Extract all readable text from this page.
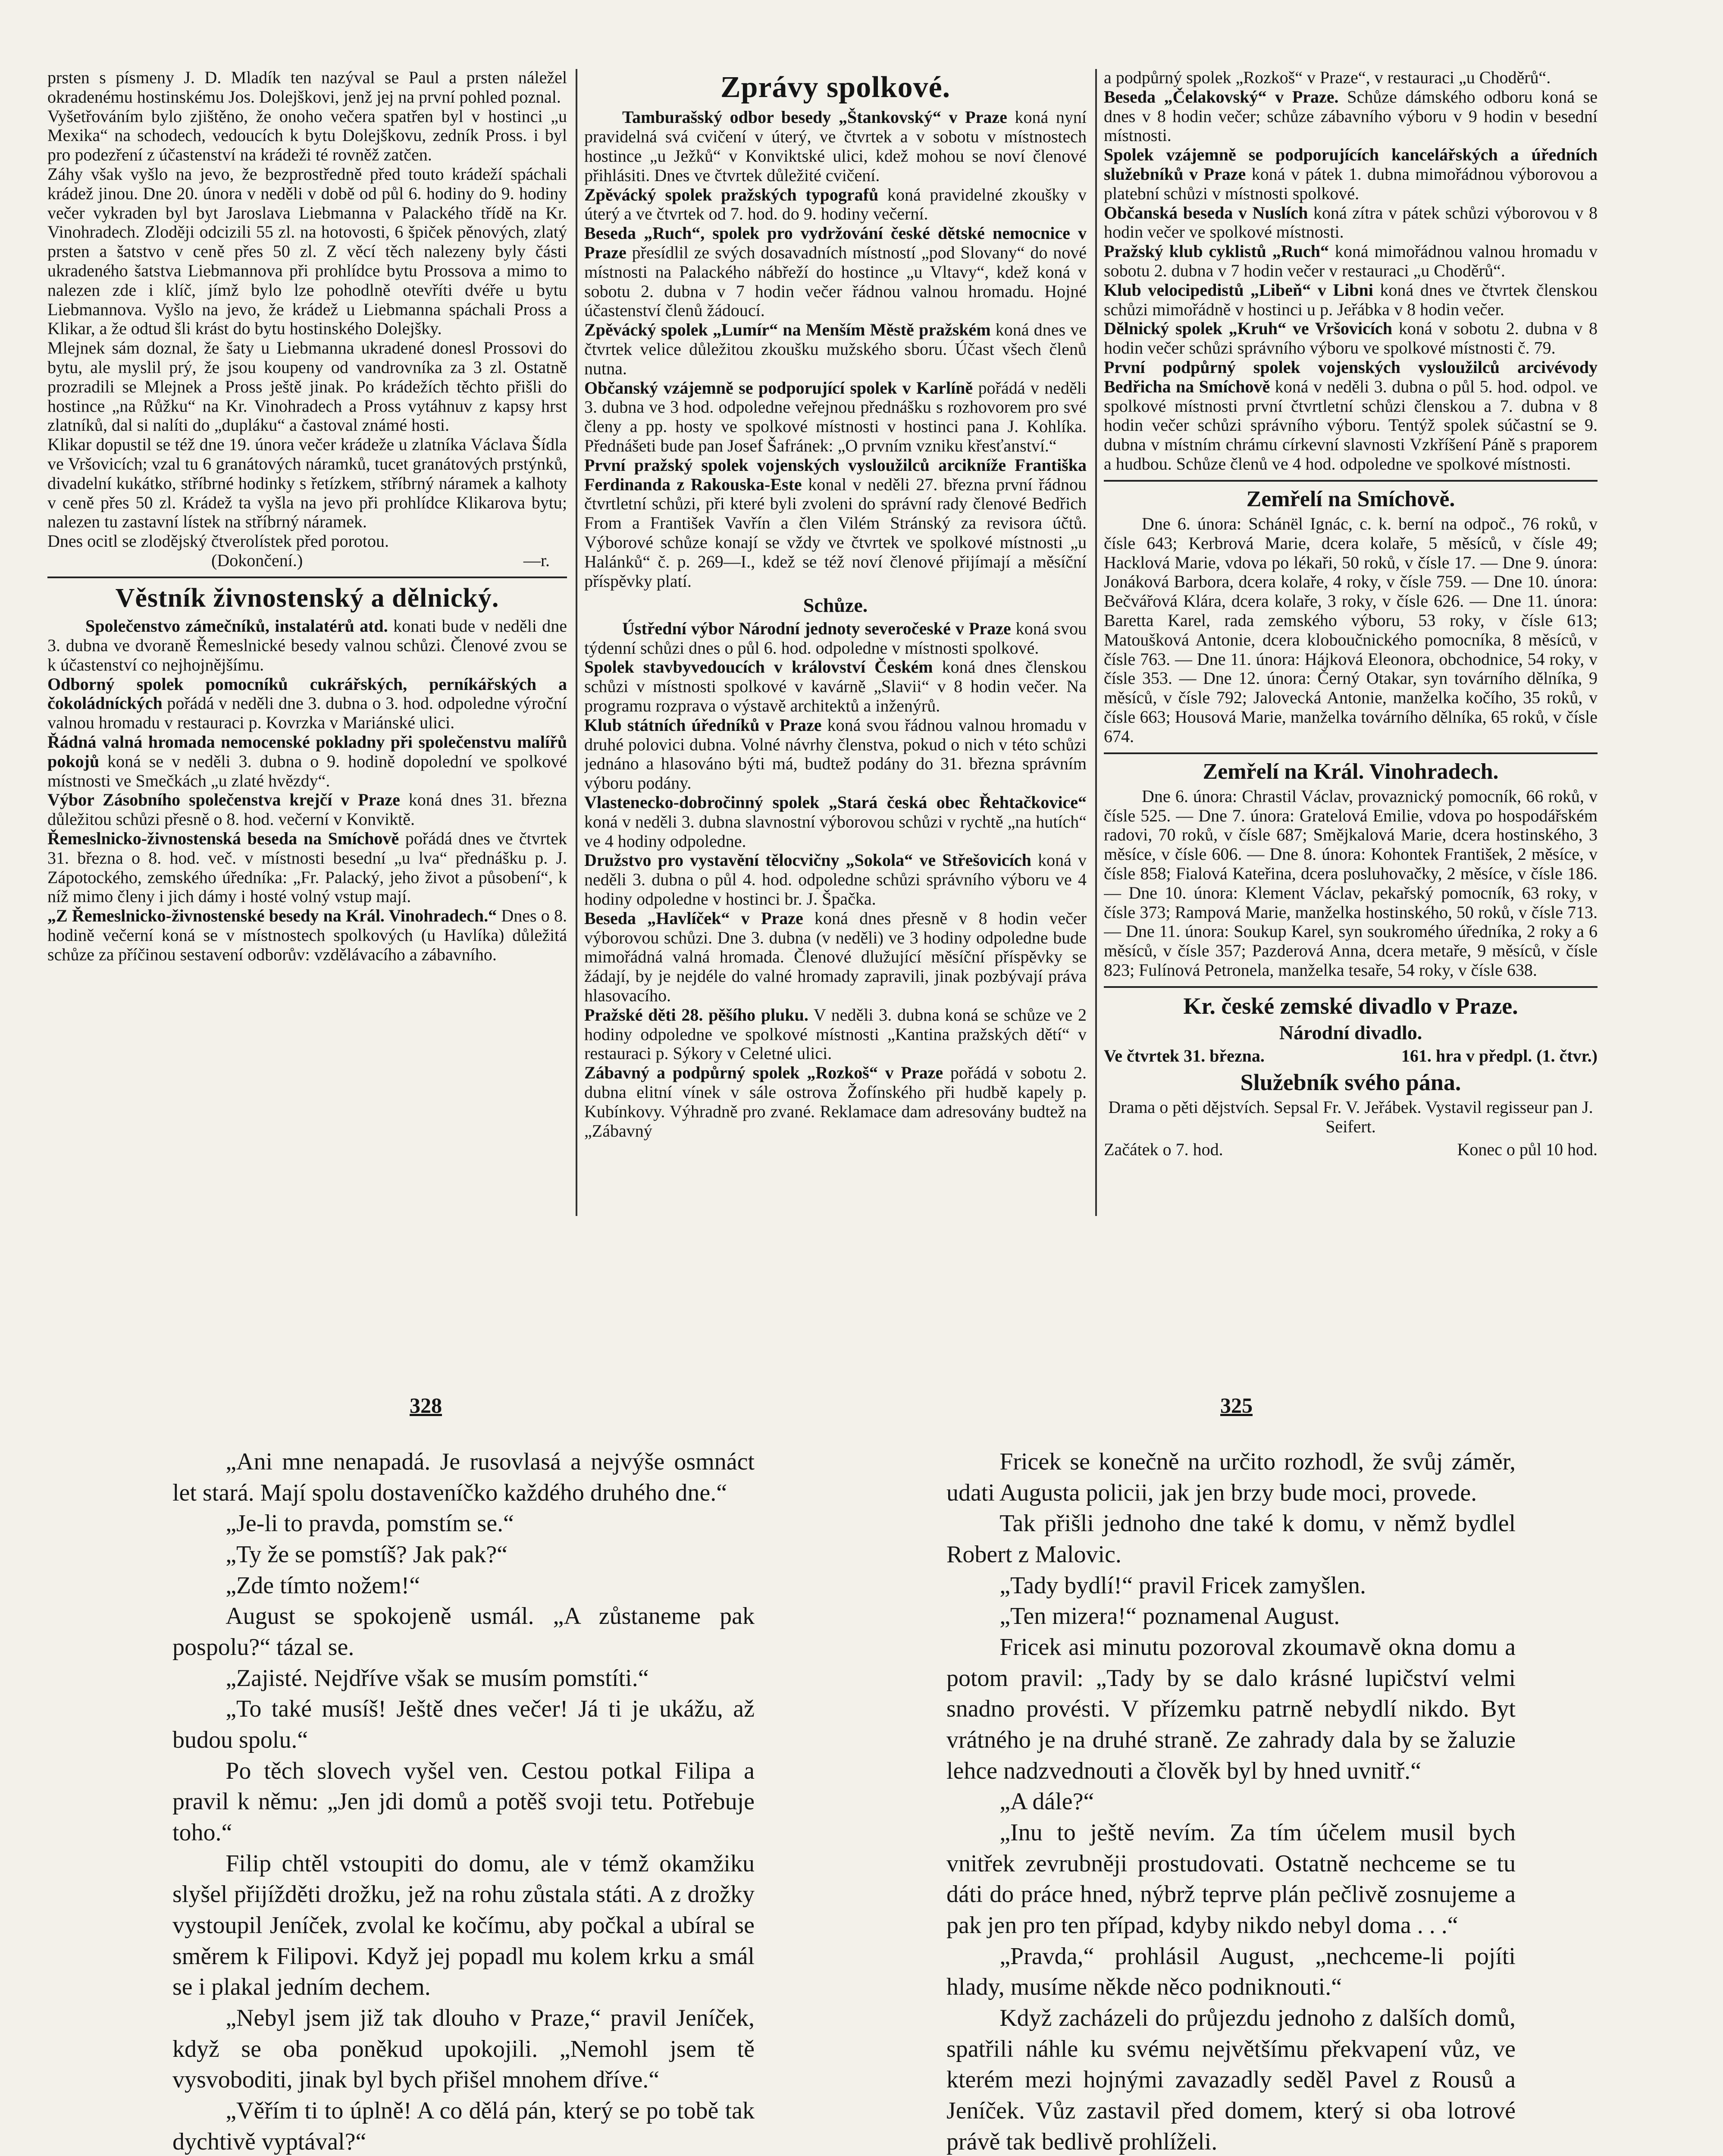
prsten s písmeny J. D. Mladík ten nazýval se Paul a prsten náležel okradenému hostinskému Jos. Dolejškovi, jenž jej na první pohled poznal.

Vyšetřováním bylo zjištěno, že onoho večera spatřen byl v hostinci „u Mexika“ na schodech, vedoucích k bytu Dolejškovu, zedník Pross. i byl pro podezření z účastenství na krádeži té rovněž zatčen.

Záhy však vyšlo na jevo, že bezprostředně před touto krádeží spáchali krádež jinou. Dne 20. února v neděli v době od půl 6. hodiny do 9. hodiny večer vykraden byl byt Jaroslava Liebmanna v Palackého třídě na Kr. Vinohradech. Zloději odcizili 55 zl. na hotovosti, 6 špiček pěnových, zlatý prsten a šatstvo v ceně přes 50 zl. Z věcí těch nalezeny byly části ukradeného šatstva Liebmannova při prohlídce bytu Prossova a mimo to nalezen zde i klíč, jímž bylo lze pohodlně otevříti dvéře u bytu Liebmannova. Vyšlo na jevo, že krádež u Liebmanna spáchali Pross a Klikar, a že odtud šli krást do bytu hostinského Dolejšky.

Mlejnek sám doznal, že šaty u Liebmanna ukradené donesl Prossovi do bytu, ale myslil prý, že jsou koupeny od vandrovníka za 3 zl. Ostatně prozradili se Mlejnek a Pross ještě jinak. Po krádežích těchto přišli do hostince „na Růžku“ na Kr. Vinohradech a Pross vytáhnuv z kapsy hrst zlatníků, dal si nalíti do „dupláku“ a častoval známé hosti.

Klikar dopustil se též dne 19. února večer krádeže u zlatníka Václava Šídla ve Vršovicích; vzal tu 6 granátových náramků, tucet granátových prstýnků, divadelní kukátko, stříbrné hodinky s řetízkem, stříbrný náramek a kalhoty v ceně přes 50 zl. Krádež ta vyšla na jevo při prohlídce Klikarova bytu; nalezen tu zastavní lístek na stříbrný náramek.

Dnes ocitl se zlodějský čtverolístek před porotou.

(Dokončení.)	—r.

Věstník živnostenský a dělnický.

Společenstvo zámečníků, instalatérů atd. konati bude v neděli dne 3. dubna ve dvoraně Řemeslnické besedy valnou schůzi. Členové zvou se k účastenství co nejhojnějšímu.

Odborný spolek pomocníků cukrářských, perníkářských a čokoládníckých pořádá v neděli dne 3. dubna o 3. hod. odpoledne výroční valnou hromadu v restauraci p. Kovrzka v Mariánské ulici.

Řádná valná hromada nemocenské pokladny při společenstvu malířů pokojů koná se v neděli 3. dubna o 9. hodině dopolední ve spolkové místnosti ve Smečkách „u zlaté hvězdy“.

Výbor Zásobního společenstva krejčí v Praze koná dnes 31. března důležitou schůzi přesně o 8. hod. večerní v Konviktě.

Řemeslnicko-živnostenská beseda na Smíchově pořádá dnes ve čtvrtek 31. března o 8. hod. več. v místnosti besední „u lva“ přednášku p. J. Zápotockého, zemského úředníka: „Fr. Palacký, jeho život a působení“, k níž mimo členy i jich dámy i hosté volný vstup mají.

„Z Řemeslnicko-živnostenské besedy na Král. Vinohradech.“ Dnes o 8. hodině večerní koná se v místnostech spolkových (u Havlíka) důležitá schůze za příčinou sestavení odborův: vzdělávacího a zábavního.

Zprávy spolkové.

Tamburašský odbor besedy „Štankovský“ v Praze koná nyní pravidelná svá cvičení v úterý, ve čtvrtek a v sobotu v místnostech hostince „u Ježků“ v Konviktské ulici, kdež mohou se noví členové přihlásiti. Dnes ve čtvrtek důležité cvičení.

Zpěvácký spolek pražských typografů koná pravidelné zkoušky v úterý a ve čtvrtek od 7. hod. do 9. hodiny večerní.

Beseda „Ruch“, spolek pro vydržování české dětské nemocnice v Praze přesídlil ze svých dosavadních místností „pod Slovany“ do nové místnosti na Palackého nábřeží do hostince „u Vltavy“, kdež koná v sobotu 2. dubna v 7 hodin večer řádnou valnou hromadu. Hojné účastenství členů žádoucí.

Zpěvácký spolek „Lumír“ na Menším Městě pražském koná dnes ve čtvrtek velice důležitou zkoušku mužského sboru. Účast všech členů nutna.

Občanský vzájemně se podporující spolek v Karlíně pořádá v neděli 3. dubna ve 3 hod. odpoledne veřejnou přednášku s rozhovorem pro své členy a pp. hosty ve spolkové místnosti v hostinci pana J. Kohlíka. Přednášeti bude pan Josef Šafránek: „O prvním vzniku křesťanství.“

První pražský spolek vojenských vysloužilců arcikníže Františka Ferdinanda z Rakouska-Este konal v neděli 27. března první řádnou čtvrtletní schůzi, při které byli zvoleni do správní rady členové Bedřich From a František Vavřín a člen Vilém Stránský za revisora účtů. Výborové schůze konají se vždy ve čtvrtek ve spolkové místnosti „u Halánků“ č. p. 269—I., kdež se též noví členové přijímají a měsíční příspěvky platí.

Schůze.

Ústřední výbor Národní jednoty severočeské v Praze koná svou týdenní schůzi dnes o půl 6. hod. odpoledne v místnosti spolkové.

Spolek stavbyvedoucích v království Českém koná dnes členskou schůzi v místnosti spolkové v kavárně „Slavii“ v 8 hodin večer. Na programu rozprava o výstavě architektů a inženýrů.

Klub státních úředníků v Praze koná svou řádnou valnou hromadu v druhé polovici dubna. Volné návrhy členstva, pokud o nich v této schůzi jednáno a hlasováno býti má, budtež podány do 31. března správním výboru podány.

Vlastenecko-dobročinný spolek „Stará česká obec Řehtačkovice“ koná v neděli 3. dubna slavnostní výborovou schůzi v rychtě „na hutích“ ve 4 hodiny odpoledne.

Družstvo pro vystavění tělocvičny „Sokola“ ve Střešovicích koná v neděli 3. dubna o půl 4. hod. odpoledne schůzi správního výboru ve 4 hodiny odpoledne v hostinci br. J. Špačka.

Beseda „Havlíček“ v Praze koná dnes přesně v 8 hodin večer výborovou schůzi. Dne 3. dubna (v neděli) ve 3 hodiny odpoledne bude mimořádná valná hromada. Členové dlužující měsíční příspěvky se žádají, by je nejdéle do valné hromady zapravili, jinak pozbývají práva hlasovacího.

Pražské děti 28. pěšího pluku. V neděli 3. dubna koná se schůze ve 2 hodiny odpoledne ve spolkové místnosti „Kantina pražských dětí“ v restauraci p. Sýkory v Celetné ulici.

Zábavný a podpůrný spolek „Rozkoš“ v Praze pořádá v sobotu 2. dubna elitní vínek v sále ostrova Žofínského při hudbě kapely p. Kubínkovy. Výhradně pro zvané. Reklamace dam adresovány budtež na „Zábavný

a podpůrný spolek „Rozkoš“ v Praze“, v restauraci „u Choděrů“.

Beseda „Čelakovský“ v Praze. Schůze dámského odboru koná se dnes v 8 hodin večer; schůze zábavního výboru v 9 hodin v besední místnosti.

Spolek vzájemně se podporujících kancelářských a úředních služebníků v Praze koná v pátek 1. dubna mimořádnou výborovou a platební schůzi v místnosti spolkové.

Občanská beseda v Nuslích koná zítra v pátek schůzi výborovou v 8 hodin večer ve spolkové místnosti.

Pražský klub cyklistů „Ruch“ koná mimořádnou valnou hromadu v sobotu 2. dubna v 7 hodin večer v restauraci „u Choděrů“.

Klub velocipedistů „Libeň“ v Libni koná dnes ve čtvrtek členskou schůzi mimořádně v hostinci u p. Jeřábka v 8 hodin večer.

Dělnický spolek „Kruh“ ve Vršovicích koná v sobotu 2. dubna v 8 hodin večer schůzi správního výboru ve spolkové místnosti č. 79.

První podpůrný spolek vojenských vysloužilců arcivévody Bedřicha na Smíchově koná v neděli 3. dubna o půl 5. hod. odpol. ve spolkové místnosti první čtvrtletní schůzi členskou a 7. dubna v 8 hodin večer schůzi správního výboru. Tentýž spolek súčastní se 9. dubna v místním chrámu církevní slavnosti Vzkříšení Páně s praporem a hudbou. Schůze členů ve 4 hod. odpoledne ve spolkové místnosti.

Zemřelí na Smíchově.

Dne 6. února: Schánël Ignác, c. k. berní na odpoč., 76 roků, v čísle 643; Kerbrová Marie, dcera kolaře, 5 měsíců, v čísle 49; Hacklová Marie, vdova po lékaři, 50 roků, v čísle 17. — Dne 9. února: Jonáková Barbora, dcera kolaře, 4 roky, v čísle 759. — Dne 10. února: Bečvářová Klára, dcera kolaře, 3 roky, v čísle 626. — Dne 11. února: Baretta Karel, rada zemského výboru, 53 roky, v čísle 613; Matoušková Antonie, dcera kloboučnického pomocníka, 8 měsíců, v čísle 763. — Dne 11. února: Hájková Eleonora, obchodnice, 54 roky, v čísle 353. — Dne 12. února: Černý Otakar, syn továrního dělníka, 9 měsíců, v čísle 792; Jalovecká Antonie, manželka kočího, 35 roků, v čísle 663; Housová Marie, manželka továrního dělníka, 65 roků, v čísle 674.

Zemřelí na Král. Vinohradech.

Dne 6. února: Chrastil Václav, provaznický pomocník, 66 roků, v čísle 525. — Dne 7. února: Gratelová Emilie, vdova po hospodářském radovi, 70 roků, v čísle 687; Smějkalová Marie, dcera hostinského, 3 měsíce, v čísle 606. — Dne 8. února: Kohontek František, 2 měsíce, v čísle 858; Fialová Kateřina, dcera posluhovačky, 2 měsíce, v čísle 186. — Dne 10. února: Klement Václav, pekařský pomocník, 63 roky, v čísle 373; Rampová Marie, manželka hostinského, 50 roků, v čísle 713. — Dne 11. února: Soukup Karel, syn soukromého úředníka, 2 roky a 6 měsíců, v čísle 357; Pazderová Anna, dcera metaře, 9 měsíců, v čísle 823; Fulínová Petronela, manželka tesaře, 54 roky, v čísle 638.

Kr. české zemské divadlo v Praze.
Národní divadlo.

Ve čtvrtek 31. března.	161. hra v předpl. (1. čtvr.)

Služebník svého pána.

Drama o pěti dějstvích. Sepsal Fr. V. Jeřábek. Vystavil regisseur pan J. Seifert.

Začátek o 7. hod.	Konec o půl 10 hod.

328	325

„Ani mne nenapadá. Je rusovlasá a nejvýše osmnáct let stará. Mají spolu dostaveníčko každého druhého dne.“

„Je-li to pravda, pomstím se.“

„Ty že se pomstíš? Jak pak?“

„Zde tímto nožem!“

August se spokojeně usmál. „A zůstaneme pak pospolu?“ tázal se.

„Zajisté. Nejdříve však se musím pomstíti.“

„To také musíš! Ještě dnes večer! Já ti je ukážu, až budou spolu.“

Po těch slovech vyšel ven. Cestou potkal Filipa a pravil k němu: „Jen jdi domů a potěš svoji tetu. Potřebuje toho.“

Filip chtěl vstoupiti do domu, ale v témž okamžiku slyšel přijížděti drožku, jež na rohu zůstala státi. A z drožky vystoupil Jeníček, zvolal ke kočímu, aby počkal a ubíral se směrem k Filipovi. Když jej popadl mu kolem krku a smál se i plakal jedním dechem.

„Nebyl jsem již tak dlouho v Praze,“ pravil Jeníček, když se oba poněkud upokojili. „Nemohl jsem tě vysvoboditi, jinak byl bych přišel mnohem dříve.“

„Věřím ti to úplně! A co dělá pán, který se po tobě tak dychtivě vyptával?“

Fricek se konečně na určito rozhodl, že svůj záměr, udati Augusta policii, jak jen brzy bude moci, provede.

Tak přišli jednoho dne také k domu, v němž bydlel Robert z Malovic.

„Tady bydlí!“ pravil Fricek zamyšlen.

„Ten mizera!“ poznamenal August.

Fricek asi minutu pozoroval zkoumavě okna domu a potom pravil: „Tady by se dalo krásné lupičství velmi snadno provésti. V přízemku patrně nebydlí nikdo. Byt vrátného je na druhé straně. Ze zahrady dala by se žaluzie lehce nadzvednouti a člověk byl by hned uvnitř.“

„A dále?“

„Inu to ještě nevím. Za tím účelem musil bych vnitřek zevrubněji prostudovati. Ostatně nechceme se tu dáti do práce hned, nýbrž teprve plán pečlivě zosnujeme a pak jen pro ten případ, kdyby nikdo nebyl doma . . .“

„Pravda,“ prohlásil August, „nechceme-li pojíti hlady, musíme někde něco podniknouti.“

Když zacházeli do průjezdu jednoho z dalších domů, spatřili náhle ku svému největšímu překvapení vůz, ve kterém mezi hojnými zavazadly seděl Pavel z Rousů a Jeníček. Vůz zastavil před domem, který si oba lotrové právě tak bedlivě prohlíželi.
